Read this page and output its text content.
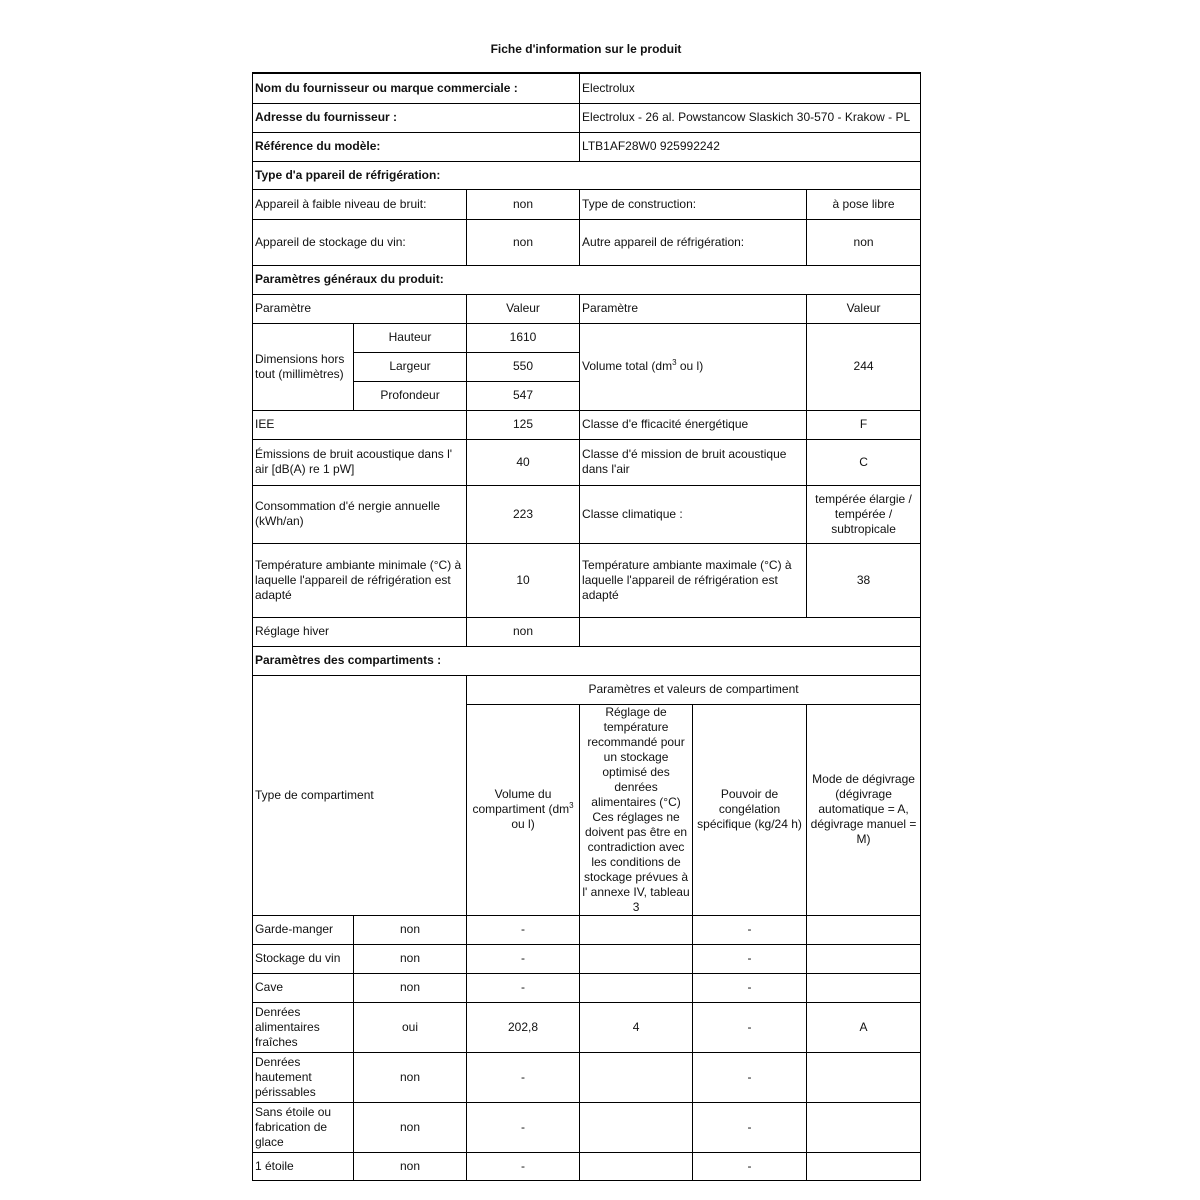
Fiche d'information sur le produit
Nom du fournisseur ou marque commerciale :			Electrolux		
Adresse du fournisseur :			Electrolux - 26 al. Powstancow Slaskich 30-570 - Krakow - PL		
Référence du modèle:			LTB1AF28W0 925992242		
Type d'a ppareil de réfrigération:					
Appareil à faible niveau de bruit:		non	Type de construction:		à pose libre
Appareil de stockage du vin:		non	Autre appareil de réfrigération:		non
Paramètres généraux du produit:					
Paramètre		Valeur	Paramètre		Valeur
Dimensions hors tout (millimètres)	Hauteur	1610	Volume total ($dm^3$ ou l)		244
	Largeur	550			
	Profondeur	547			
IEE		125	Classe d'e fficacité énergétique		F
Émissions de bruit acoustique dans l' air [dB(A) re 1 pW]		40	Classe d'é mission de bruit acoustique dans l'air		C
Consommation d'é nergie annuelle (kWh/an)		223	Classe climatique :		tempérée élargie / tempérée / subtropicale
Température ambiante minimale (°C) à laquelle l'appareil de réfrigération est adapté		10	Température ambiante maximale (°C) à laquelle l'appareil de réfrigération est adapté		38
Réglage hiver		non			
Paramètres des compartiments :					
Type de compartiment		Paramètres et valeurs de compartiment			
		Volume du compartiment ($dm^3$ ou l)	Réglage de température recommandé pour un stockage optimisé des denrées alimentaires (°C) Ces réglages ne doivent pas être en contradiction avec les conditions de stockage prévues à l' annexe IV, tableau 3	Pouvoir de congélation spécifique (kg/24 h)	Mode de dégivrage (dégivrage automatique = A, dégivrage manuel = M)
Garde-manger	non	-		-	
Stockage du vin	non	-		-	
Cave	non	-		-	
Denrées alimentaires fraîches	oui	202,8	4	-	A
Denrées hautement périssables	non	-		-	
Sans étoile ou fabrication de glace	non	-		-	
1 étoile	non	-		-	
